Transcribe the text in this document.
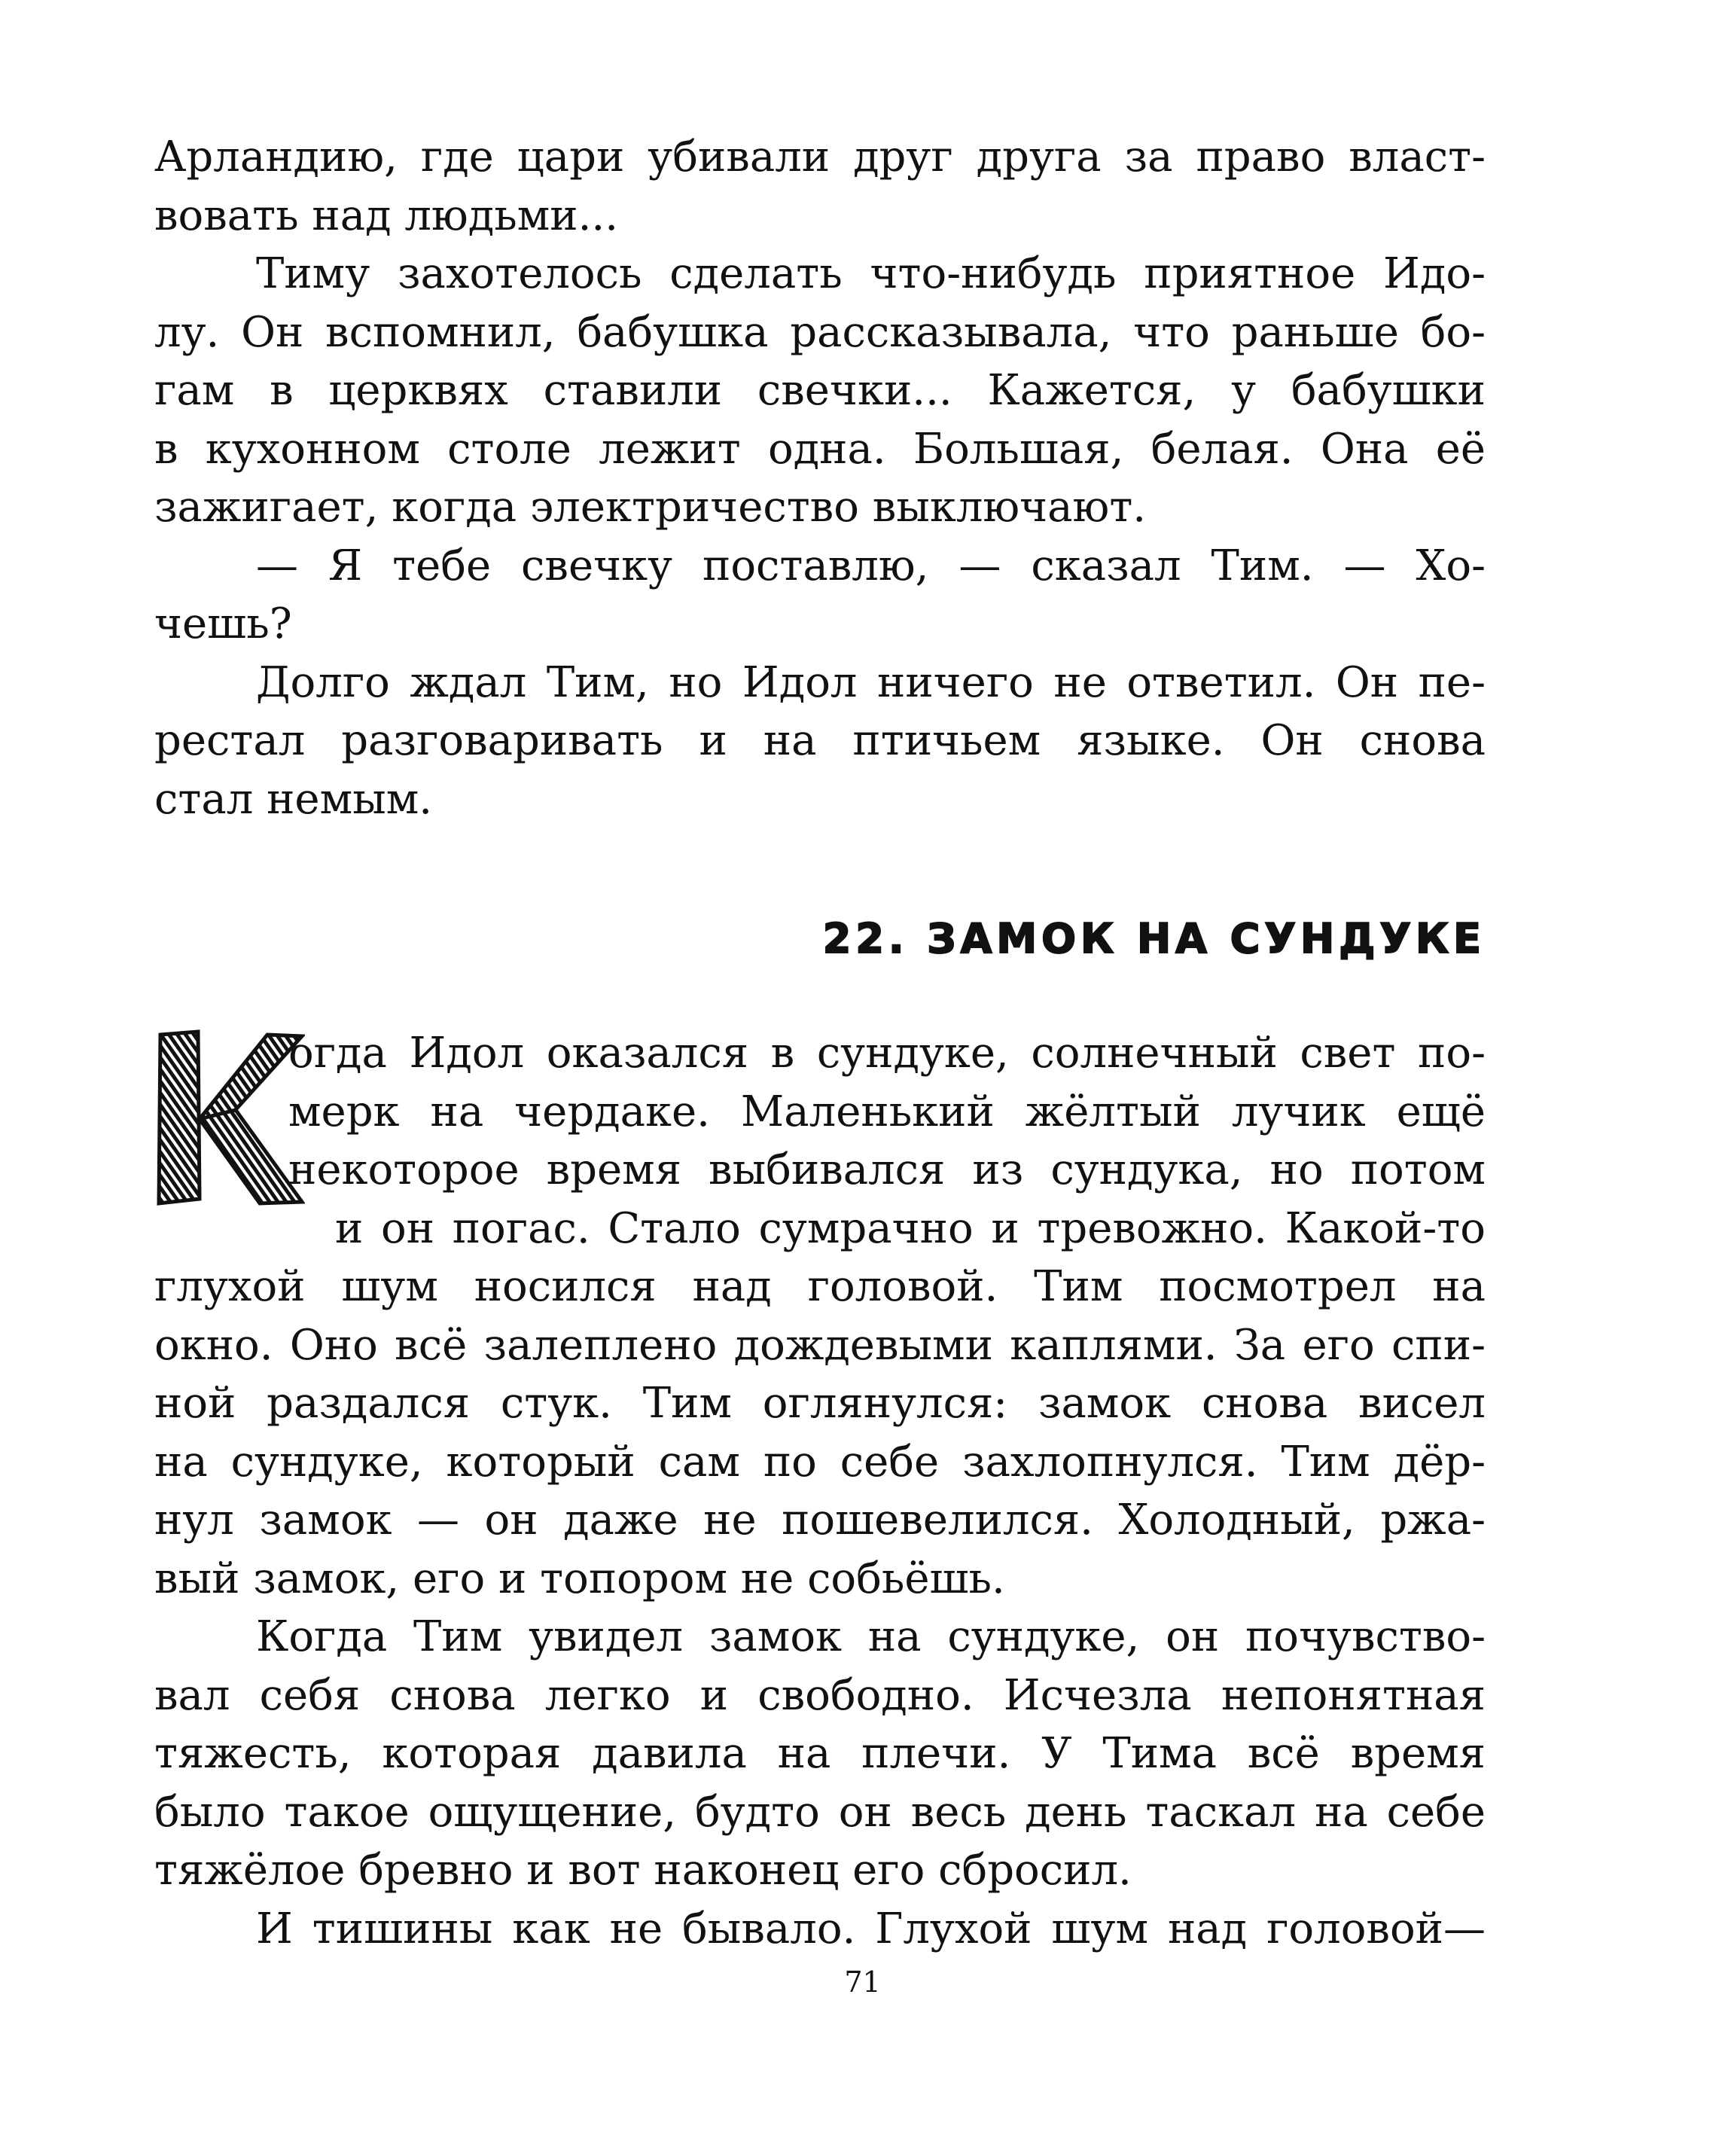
Арландию, где цари убивали друг друга за право власт-
вовать над людьми...
Тиму захотелось сделать что-нибудь приятное Идо-
лу. Он вспомнил, бабушка рассказывала, что раньше бо-
гам в церквях ставили свечки... Кажется, у бабушки
в кухонном столе лежит одна. Большая, белая. Она её
зажигает, когда электричество выключают.
— Я тебе свечку поставлю, — сказал Тим. — Хо-
чешь?
Долго ждал Тим, но Идол ничего не ответил. Он пе-
рестал разговаривать и на птичьем языке. Он снова
стал немым.
22. ЗАМОК НА СУНДУКЕ
огда Идол оказался в сундуке, солнечный свет по-
мерк на чердаке. Маленький жёлтый лучик ещё
некоторое время выбивался из сундука, но потом
и он погас. Стало сумрачно и тревожно. Какой-то
глухой шум носился над головой. Тим посмотрел на
окно. Оно всё залеплено дождевыми каплями. За его спи-
ной раздался стук. Тим оглянулся: замок снова висел
на сундуке, который сам по себе захлопнулся. Тим дёр-
нул замок — он даже не пошевелился. Холодный, ржа-
вый замок, его и топором не собьёшь.
Когда Тим увидел замок на сундуке, он почувство-
вал себя снова легко и свободно. Исчезла непонятная
тяжесть, которая давила на плечи. У Тима всё время
было такое ощущение, будто он весь день таскал на себе
тяжёлое бревно и вот наконец его сбросил.
И тишины как не бывало. Глухой шум над головой—
71
